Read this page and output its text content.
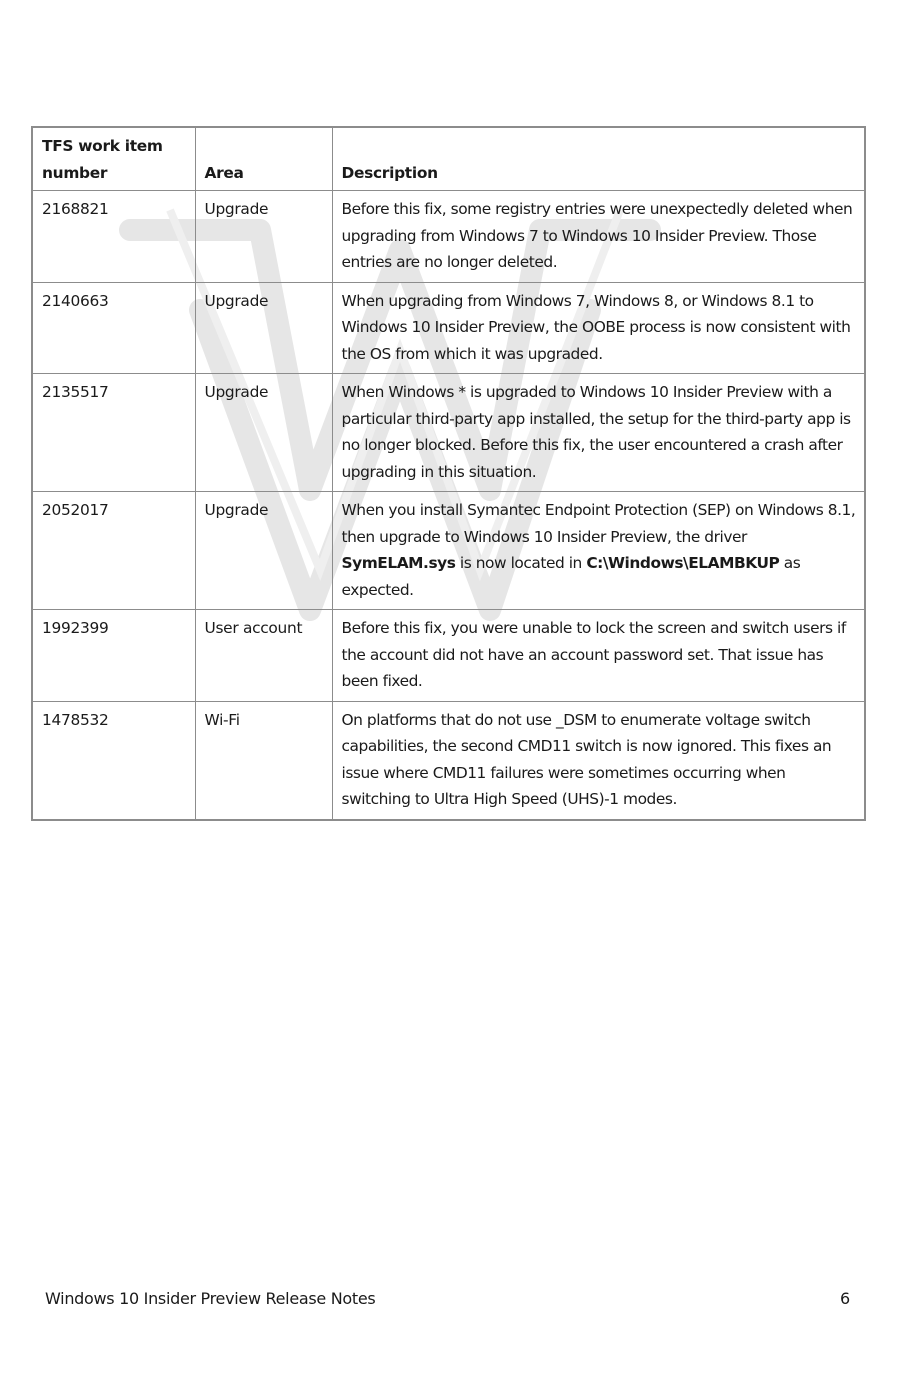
TFS work item number	Area	Description
2168821	Upgrade	Before this fix, some registry entries were unexpectedly deleted when upgrading from Windows 7 to Windows 10 Insider Preview. Those entries are no longer deleted.
2140663	Upgrade	When upgrading from Windows 7, Windows 8, or Windows 8.1 to Windows 10 Insider Preview, the OOBE process is now consistent with the OS from which it was upgraded.
2135517	Upgrade	When Windows * is upgraded to Windows 10 Insider Preview with a particular third-party app installed, the setup for the third-party app is no longer blocked. Before this fix, the user encountered a crash after upgrading in this situation.
2052017	Upgrade	When you install Symantec Endpoint Protection (SEP) on Windows 8.1, then upgrade to Windows 10 Insider Preview, the driver SymELAM.sys is now located in C:\Windows\ELAMBKUP as expected.
1992399	User account	Before this fix, you were unable to lock the screen and switch users if the account did not have an account password set. That issue has been fixed.
1478532	Wi-Fi	On platforms that do not use _DSM to enumerate voltage switch capabilities, the second CMD11 switch is now ignored. This fixes an issue where CMD11 failures were sometimes occurring when switching to Ultra High Speed (UHS)-1 modes.
Windows 10 Insider Preview Release Notes	6
